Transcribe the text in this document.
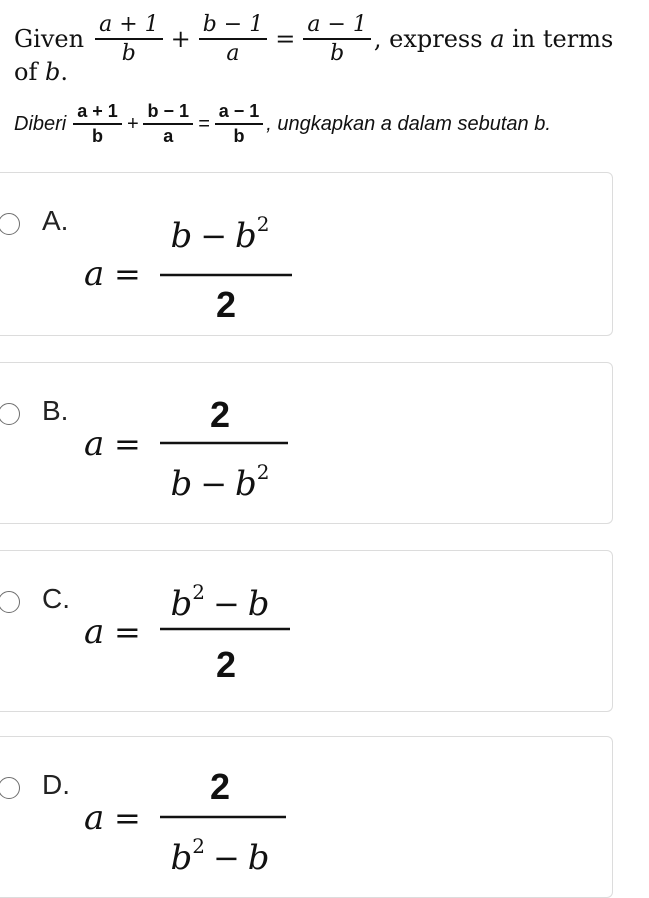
Given $\frac{a + 1}{b} + \frac{b - 1}{a} = \frac{a - 1}{b}$ , express a in terms
of b.
Diberi $\frac{a + 1}{b} + \frac{b - 1}{a} = \frac{a - 1}{b}$ , ungkapkan a dalam sebutan b.
A.
a =
b − b2
2
B.
a =
2
b − b2
C.
a =
b2 − b
2
D.
a =
2
b2 − b
